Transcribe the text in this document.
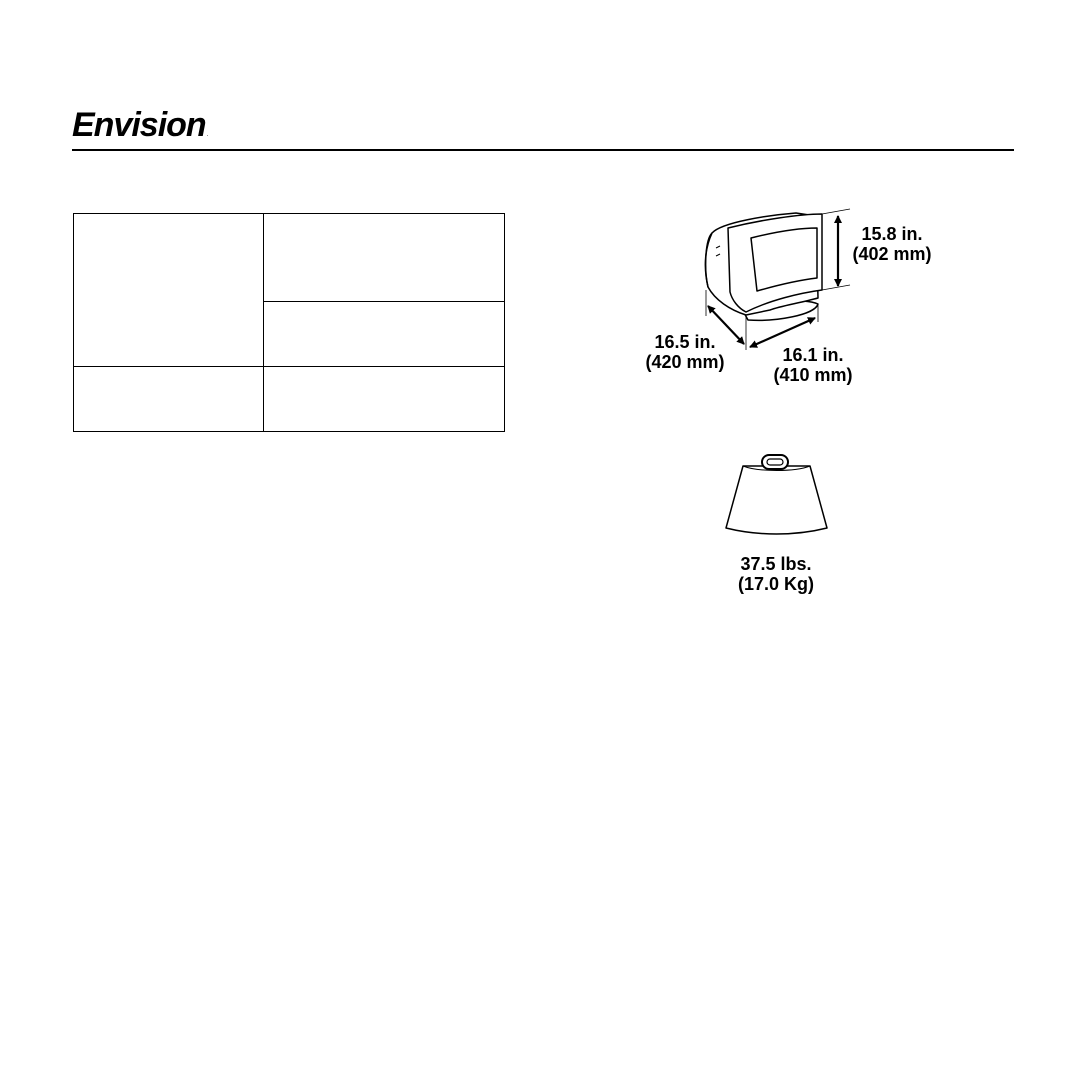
Envision.

15.8 in.
(402 mm)
16.5 in.
(420 mm)	16.1 in.
(410 mm)
37.5 lbs.
(17.0 Kg)
